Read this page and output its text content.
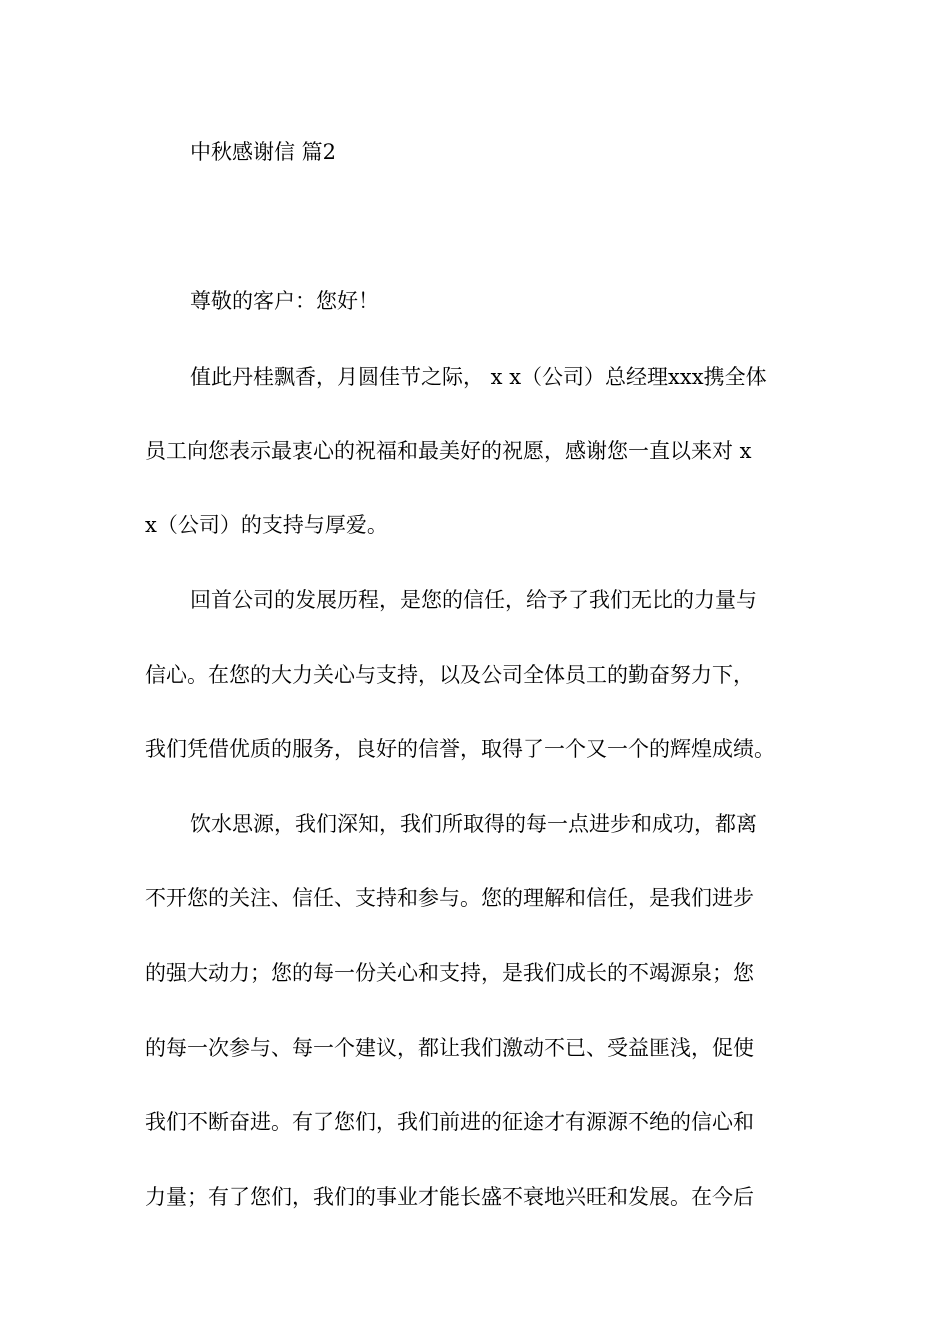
中秋感谢信 篇2
尊敬的客户：您好！
值此丹桂飘香，月圆佳节之际， x x（公司）总经理xxx携全体
员工向您表示最衷心的祝福和最美好的祝愿，感谢您一直以来对 x
x（公司）的支持与厚爱。
回首公司的发展历程，是您的信任，给予了我们无比的力量与
信心。在您的大力关心与支持，以及公司全体员工的勤奋努力下，
我们凭借优质的服务，良好的信誉，取得了一个又一个的辉煌成绩。
饮水思源，我们深知，我们所取得的每一点进步和成功，都离
不开您的关注、信任、支持和参与。您的理解和信任，是我们进步
的强大动力；您的每一份关心和支持，是我们成长的不竭源泉；您
的每一次参与、每一个建议，都让我们激动不已、受益匪浅，促使
我们不断奋进。有了您们，我们前进的征途才有源源不绝的信心和
力量；有了您们，我们的事业才能长盛不衰地兴旺和发展。在今后
